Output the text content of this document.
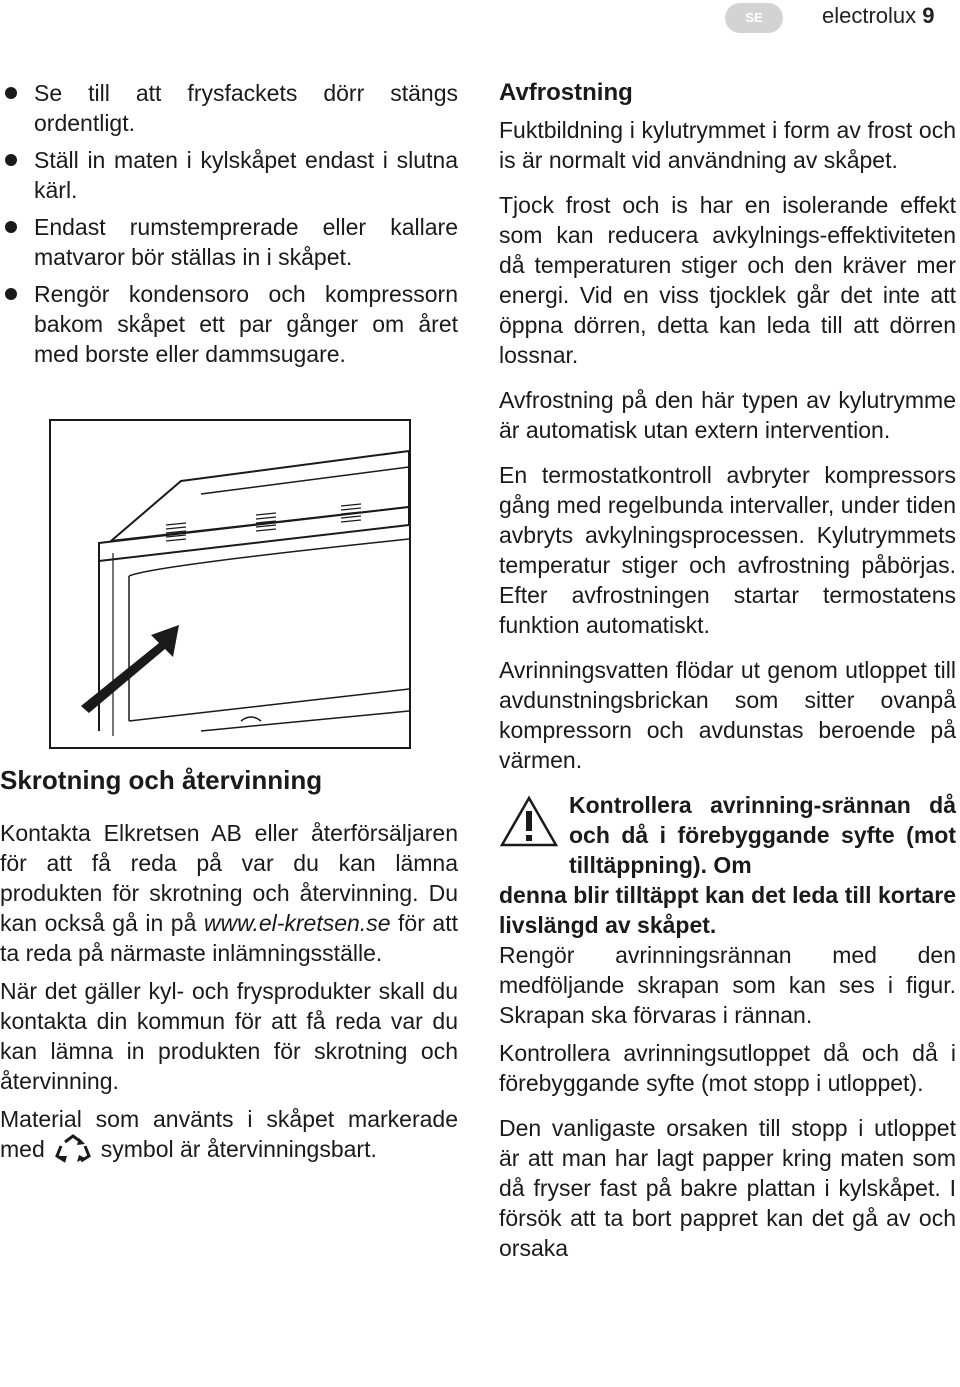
SE	electrolux 9
Se till att frysfackets dörr stängs ordentligt.
Ställ in maten i kylskåpet endast i slutna kärl.
Endast rumstemprerade eller kallare matvaror bör ställas in i skåpet.
Rengör kondensoro och kompressorn bakom skåpet ett par gånger om året med borste eller dammsugare.
Skrotning och återvinning

Kontakta Elkretsen AB eller återförsäljaren för att få reda på var du kan lämna produkten för skrotning och återvinning. Du kan också gå in på www.el-kretsen.se för att ta reda på närmaste inlämningsställe.

När det gäller kyl- och frysprodukter skall du kontakta din kommun för att få reda var du kan lämna in produkten för skrotning och återvinning.

Material som använts i skåpet markerade med symbol är återvinningsbart.

Avfrostning

Fuktbildning i kylutrymmet i form av frost och is är normalt vid användning av skåpet.

Tjock frost och is har en isolerande effekt som kan reducera avkylnings-effektiviteten då temperaturen stiger och den kräver mer energi. Vid en viss tjocklek går det inte att öppna dörren, detta kan leda till att dörren lossnar.

Avfrostning på den här typen av kylutrymme är automatisk utan extern intervention.

En termostatkontroll avbryter kompressors gång med regelbunda intervaller, under tiden avbryts avkylningsprocessen. Kylutrymmets temperatur stiger och avfrostning påbörjas. Efter avfrostningen startar termostatens funktion automatiskt.

Avrinningsvatten flödar ut genom utloppet till avdunstningsbrickan som sitter ovanpå kompressorn och avdunstas beroende på värmen.

Kontrollera avrinning-srännan då och då i förebyggande syfte (mot tilltäppning). Om

denna blir tilltäppt kan det leda till kortare livslängd av skåpet.

Rengör avrinningsrännan med den medföljande skrapan som kan ses i figur. Skrapan ska förvaras i rännan.

Kontrollera avrinningsutloppet då och då i förebyggande syfte (mot stopp i utloppet).

Den vanligaste orsaken till stopp i utloppet är att man har lagt papper kring maten som då fryser fast på bakre plattan i kylskåpet. I försök att ta bort pappret kan det gå av och orsaka
